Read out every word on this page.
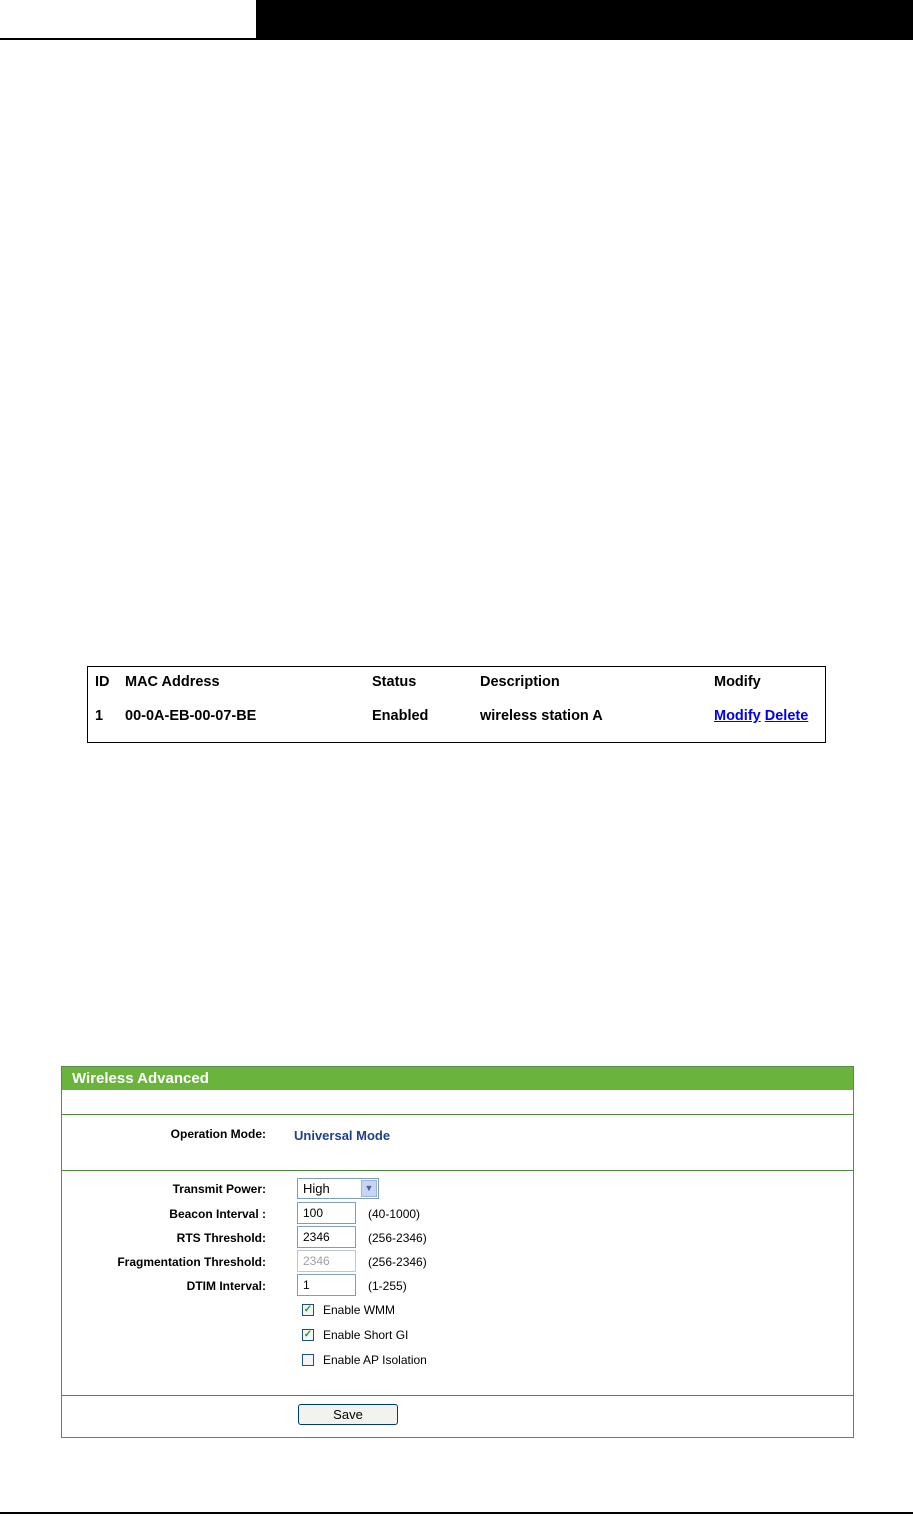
ID MAC Address	Status	Description	Modify
1 00-0A-EB-00-07-BE	Enabled	wireless station A	Modify Delete
Wireless Advanced
Operation Mode: Universal Mode
Transmit Power:	High	▼
Beacon Interval :	100	(40-1000)
RTS Threshold:	2346	(256-2346)
Fragmentation Threshold:	2346	(256-2346)
DTIM Interval:	1	(1-255)
✓ Enable WMM
✓ Enable Short GI
Enable AP Isolation
Save
